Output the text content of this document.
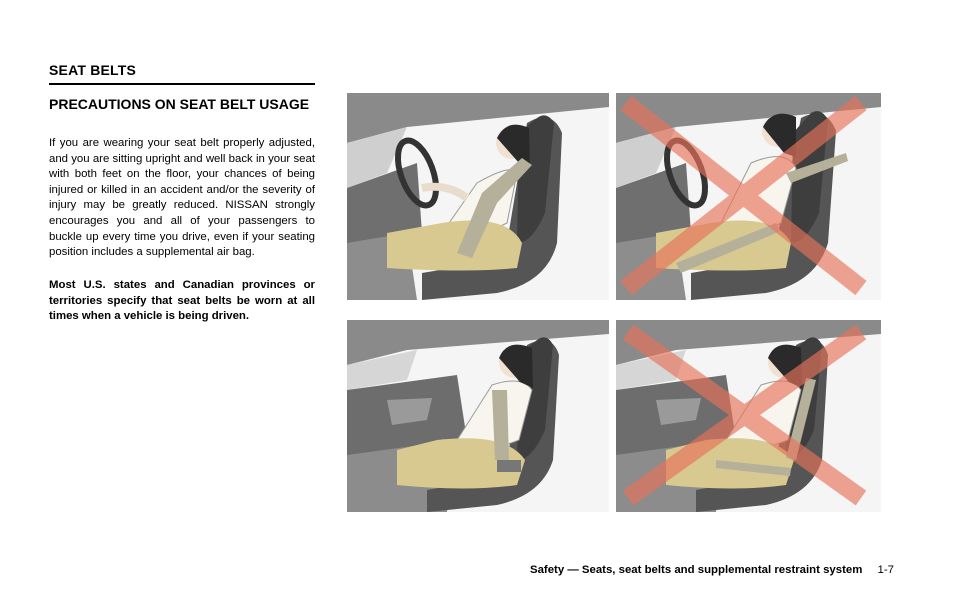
SEAT BELTS
PRECAUTIONS ON SEAT BELT USAGE

If you are wearing your seat belt properly adjusted, and you are sitting upright and well back in your seat with both feet on the floor, your chances of being injured or killed in an accident and/or the severity of injury may be greatly reduced. NISSAN strongly encourages you and all of your passengers to buckle up every time you drive, even if your seating position includes a supplemental air bag.

Most U.S. states and Canadian provinces or territories specify that seat belts be worn at all times when a vehicle is being driven.

Safety — Seats, seat belts and supplemental restraint system 1-7
